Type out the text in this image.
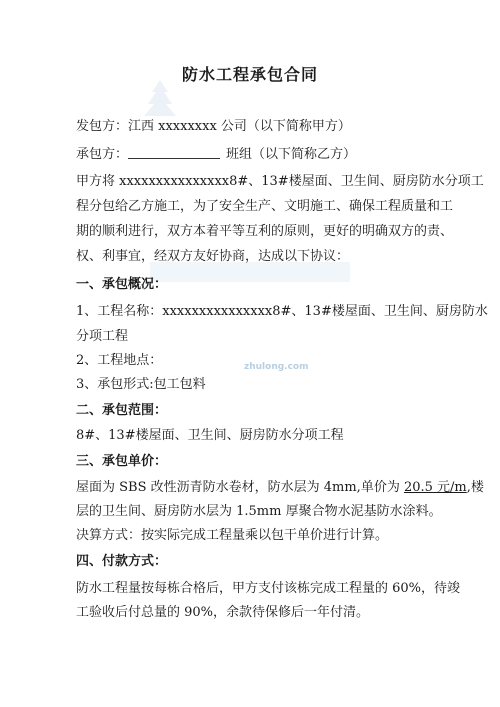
zhulong.com
防水工程承包合同
发包方：江西 xxxxxxxx 公司（以下简称甲方）
承包方：	班组（以下简称乙方）
甲方将 xxxxxxxxxxxxxxx8#、13#楼屋面、卫生间、厨房防水分项工
程分包给乙方施工，为了安全生产、文明施工、确保工程质量和工
期的顺利进行，双方本着平等互利的原则，更好的明确双方的责、
权、利事宜，经双方友好协商，达成以下协议：
一、承包概况：
1、工程名称：xxxxxxxxxxxxxxx8#、13#楼屋面、卫生间、厨房防水
分项工程
2、工程地点：
3、承包形式:包工包料
二、承包范围：
8#、13#楼屋面、卫生间、厨房防水分项工程
三、承包单价：
屋面为 SBS 改性沥青防水卷材，防水层为 4mm,单价为 20.5 元/m,楼
层的卫生间、厨房防水层为 1.5mm 厚聚合物水泥基防水涂料。
决算方式：按实际完成工程量乘以包干单价进行计算。
四、付款方式：
防水工程量按每栋合格后，甲方支付该栋完成工程量的 60%，待竣
工验收后付总量的 90%，余款待保修后一年付清。
